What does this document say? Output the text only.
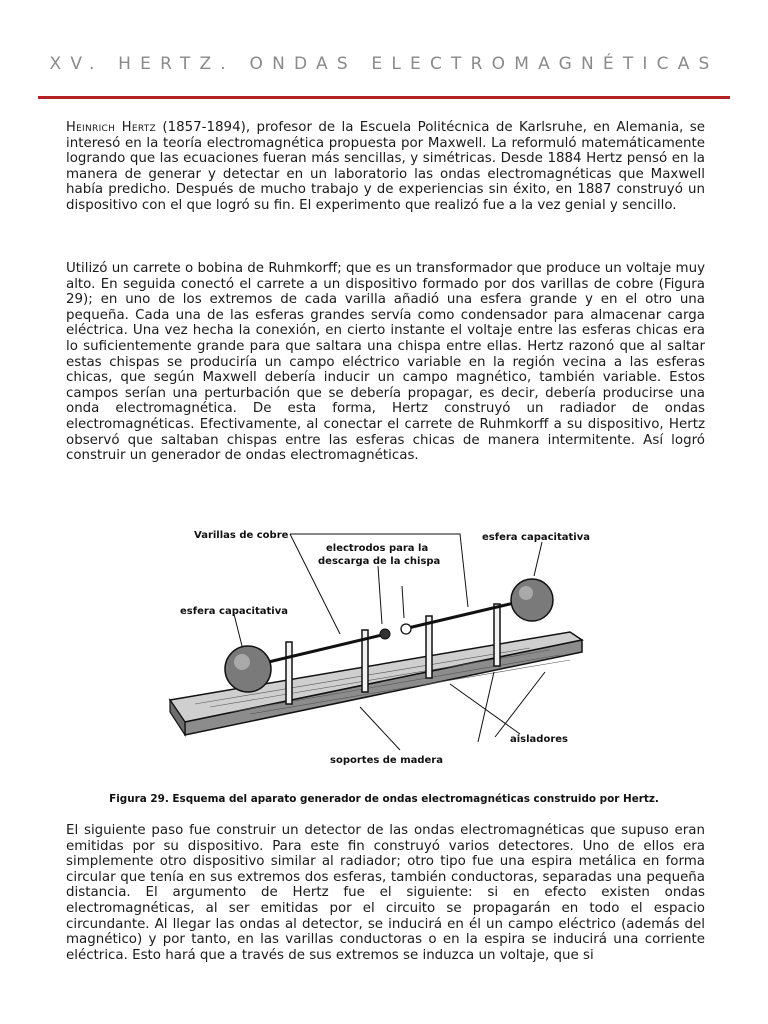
XV. HERTZ. ONDAS ELECTROMAGNÉTICAS

Heinrich Hertz (1857-1894), profesor de la Escuela Politécnica de Karlsruhe, en Alemania, se interesó en la teoría electromagnética propuesta por Maxwell. La reformuló matemáticamente logrando que las ecuaciones fueran más sencillas, y simétricas. Desde 1884 Hertz pensó en la manera de generar y detectar en un laboratorio las ondas electromagnéticas que Maxwell había predicho. Después de mucho trabajo y de experiencias sin éxito, en 1887 construyó un dispositivo con el que logró su fin. El experimento que realizó fue a la vez genial y sencillo.

Utilizó un carrete o bobina de Ruhmkorff; que es un transformador que produce un voltaje muy alto. En seguida conectó el carrete a un dispositivo formado por dos varillas de cobre (Figura 29); en uno de los extremos de cada varilla añadió una esfera grande y en el otro una pequeña. Cada una de las esferas grandes servía como condensador para almacenar carga eléctrica. Una vez hecha la conexión, en cierto instante el voltaje entre las esferas chicas era lo suficientemente grande para que saltara una chispa entre ellas. Hertz razonó que al saltar estas chispas se produciría un campo eléctrico variable en la región vecina a las esferas chicas, que según Maxwell debería inducir un campo magnético, también variable. Estos campos serían una perturbación que se debería propagar, es decir, debería producirse una onda electromagnética. De esta forma, Hertz construyó un radiador de ondas electromagnéticas. Efectivamente, al conectar el carrete de Ruhmkorff a su dispositivo, Hertz observó que saltaban chispas entre las esferas chicas de manera intermitente. Así logró construir un generador de ondas electromagnéticas.

Varillas de cobre
electrodos para la
descarga de la chispa
esfera capacitativa
esfera capacitativa
aisladores
soportes de madera
Figura 29. Esquema del aparato generador de ondas electromagnéticas construido por Hertz.

El siguiente paso fue construir un detector de las ondas electromagnéticas que supuso eran emitidas por su dispositivo. Para este fin construyó varios detectores. Uno de ellos era simplemente otro dispositivo similar al radiador; otro tipo fue una espira metálica en forma circular que tenía en sus extremos dos esferas, también conductoras, separadas una pequeña distancia. El argumento de Hertz fue el siguiente: si en efecto existen ondas electromagnéticas, al ser emitidas por el circuito se propagarán en todo el espacio circundante. Al llegar las ondas al detector, se inducirá en él un campo eléctrico (además del magnético) y por tanto, en las varillas conductoras o en la espira se inducirá una corriente eléctrica. Esto hará que a través de sus extremos se induzca un voltaje, que si
